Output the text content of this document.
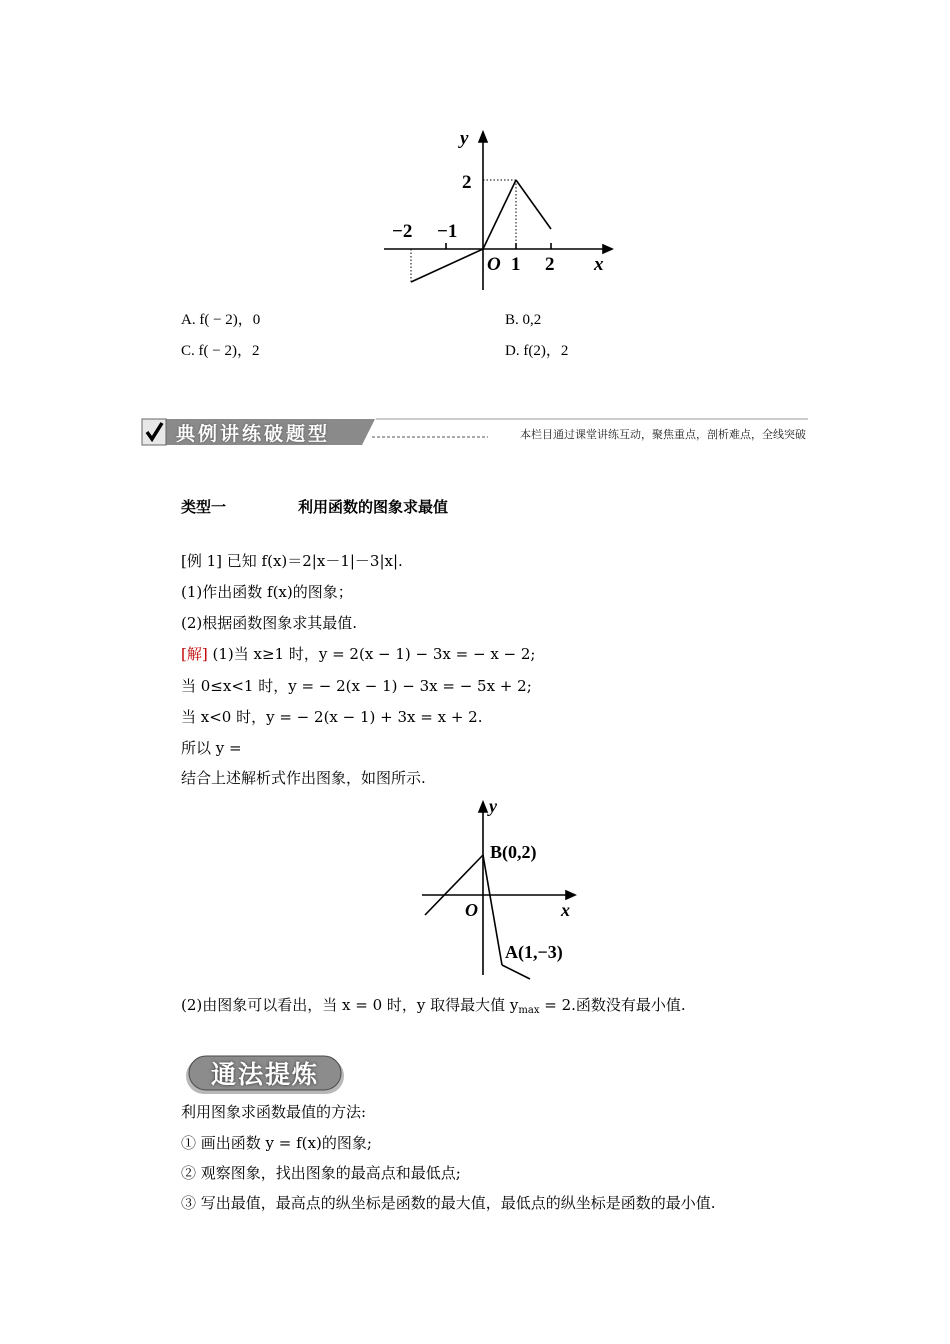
y
2
−2 −1
O 1 2 x
A. f( − 2)，0	B. 0,2
C. f( − 2)，2	D. f(2)，2
典例讲练破题型	本栏目通过课堂讲练互动，聚焦重点，剖析难点，全线突破
类型一	利用函数的图象求最值
[例 1] 已知 f(x)＝2|x－1|－3|x|.
(1)作出函数 f(x)的图象；
(2)根据函数图象求其最值.
[解] (1)当 x≥1 时，y = 2(x − 1) − 3x = − x − 2;
当 0≤x<1 时，y = − 2(x − 1) − 3x = − 5x + 2;
当 x<0 时，y = − 2(x − 1) + 3x = x + 2.
所以 y =
结合上述解析式作出图象，如图所示.
y
B(0,2)
O	x
A(1,−3)
(2)由图象可以看出，当 x = 0 时，y 取得最大值 $y_{max} = 2$.函数没有最小值.
通法提炼
利用图象求函数最值的方法:
① 画出函数 y = f(x)的图象;
② 观察图象，找出图象的最高点和最低点;
③ 写出最值，最高点的纵坐标是函数的最大值，最低点的纵坐标是函数的最小值.
